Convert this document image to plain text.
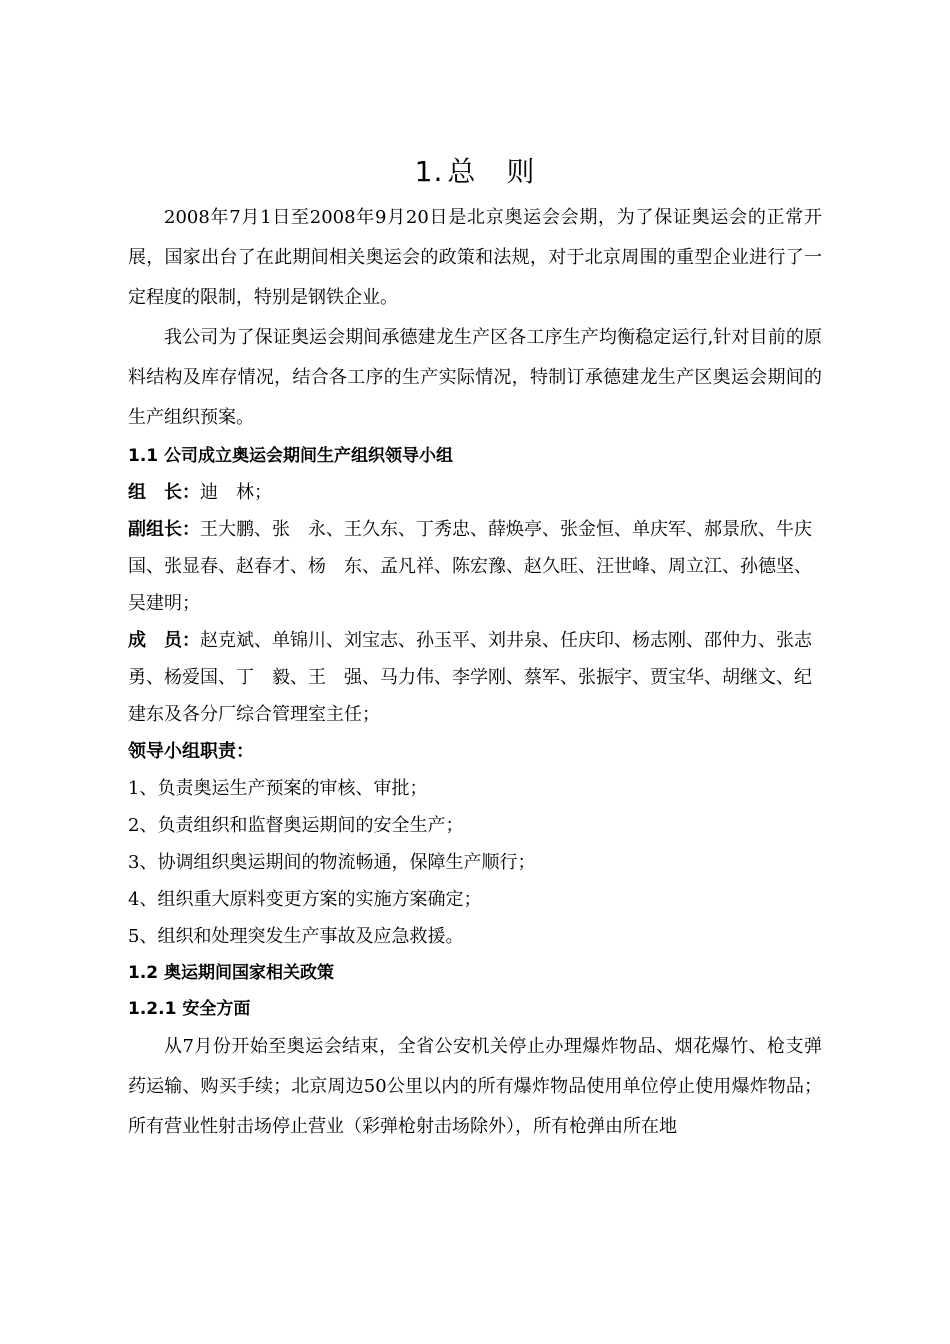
1. 总 则

2008年7月1日至2008年9月20日是北京奥运会会期，为了保证奥运会的正常开展，国家出台了在此期间相关奥运会的政策和法规，对于北京周围的重型企业进行了一定程度的限制，特别是钢铁企业。

我公司为了保证奥运会期间承德建龙生产区各工序生产均衡稳定运行,针对目前的原料结构及库存情况，结合各工序的生产实际情况，特制订承德建龙生产区奥运会期间的生产组织预案。

1.1 公司成立奥运会期间生产组织领导小组
组　长：迪　林；
副组长：王大鹏、张　永、王久东、丁秀忠、薛焕亭、张金恒、单庆军、郝景欣、牛庆国、张显春、赵春才、杨　东、孟凡祥、陈宏豫、赵久旺、汪世峰、周立江、孙德坚、吴建明；
成　员：赵克斌、单锦川、刘宝志、孙玉平、刘井泉、任庆印、杨志刚、邵仲力、张志勇、杨爱国、丁　毅、王　强、马力伟、李学刚、蔡军、张振宇、贾宝华、胡继文、纪建东及各分厂综合管理室主任；
领导小组职责：
1、负责奥运生产预案的审核、审批；
2、负责组织和监督奥运期间的安全生产；
3、协调组织奥运期间的物流畅通，保障生产顺行；
4、组织重大原料变更方案的实施方案确定；
5、组织和处理突发生产事故及应急救援。
1.2 奥运期间国家相关政策
1.2.1 安全方面

从7月份开始至奥运会结束，全省公安机关停止办理爆炸物品、烟花爆竹、枪支弹药运输、购买手续；北京周边50公里以内的所有爆炸物品使用单位停止使用爆炸物品；所有营业性射击场停止营业（彩弹枪射击场除外），所有枪弹由所在地
